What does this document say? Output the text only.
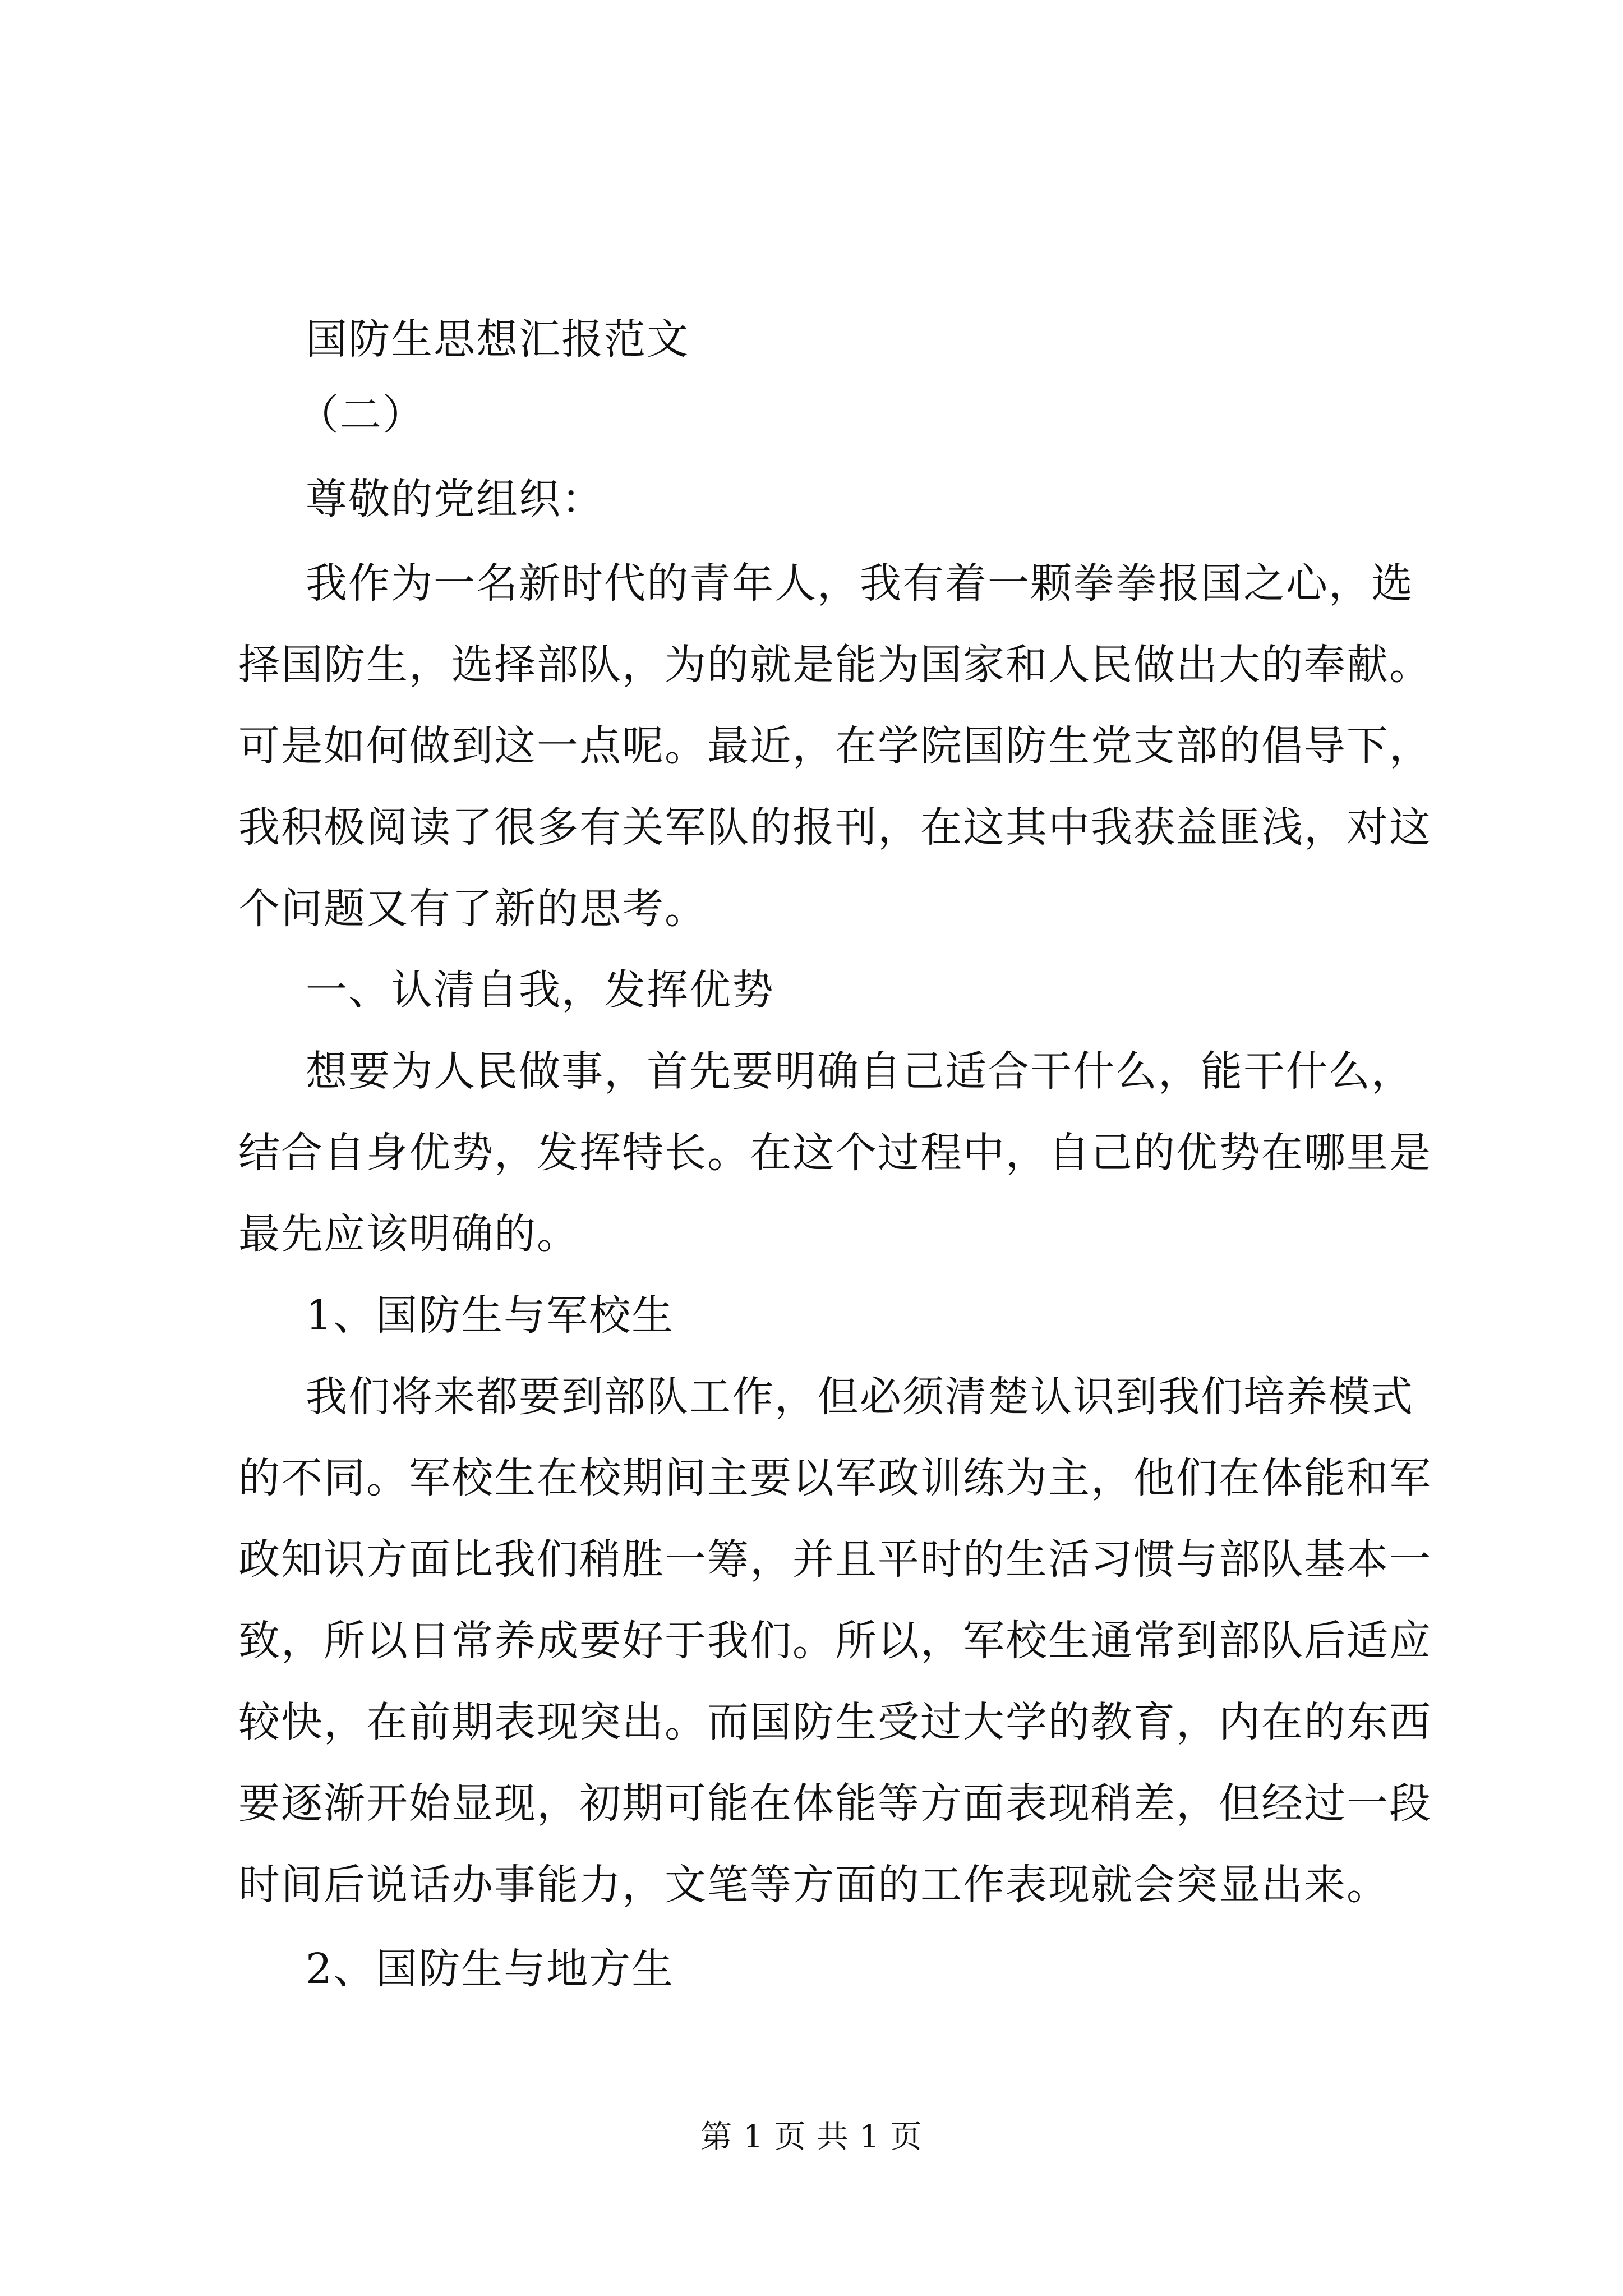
国防生思想汇报范文
（二）
尊敬的党组织：
我作为一名新时代的青年人，我有着一颗拳拳报国之心，选
择国防生，选择部队，为的就是能为国家和人民做出大的奉献。
可是如何做到这一点呢。最近，在学院国防生党支部的倡导下，
我积极阅读了很多有关军队的报刊，在这其中我获益匪浅，对这
个问题又有了新的思考。
一、认清自我，发挥优势
想要为人民做事，首先要明确自己适合干什么，能干什么，
结合自身优势，发挥特长。在这个过程中，自己的优势在哪里是
最先应该明确的。
1、国防生与军校生
我们将来都要到部队工作，但必须清楚认识到我们培养模式
的不同。军校生在校期间主要以军政训练为主，他们在体能和军
政知识方面比我们稍胜一筹，并且平时的生活习惯与部队基本一
致，所以日常养成要好于我们。所以，军校生通常到部队后适应
较快，在前期表现突出。而国防生受过大学的教育，内在的东西
要逐渐开始显现，初期可能在体能等方面表现稍差，但经过一段
时间后说话办事能力，文笔等方面的工作表现就会突显出来。
2、国防生与地方生
第 1 页 共 1 页
